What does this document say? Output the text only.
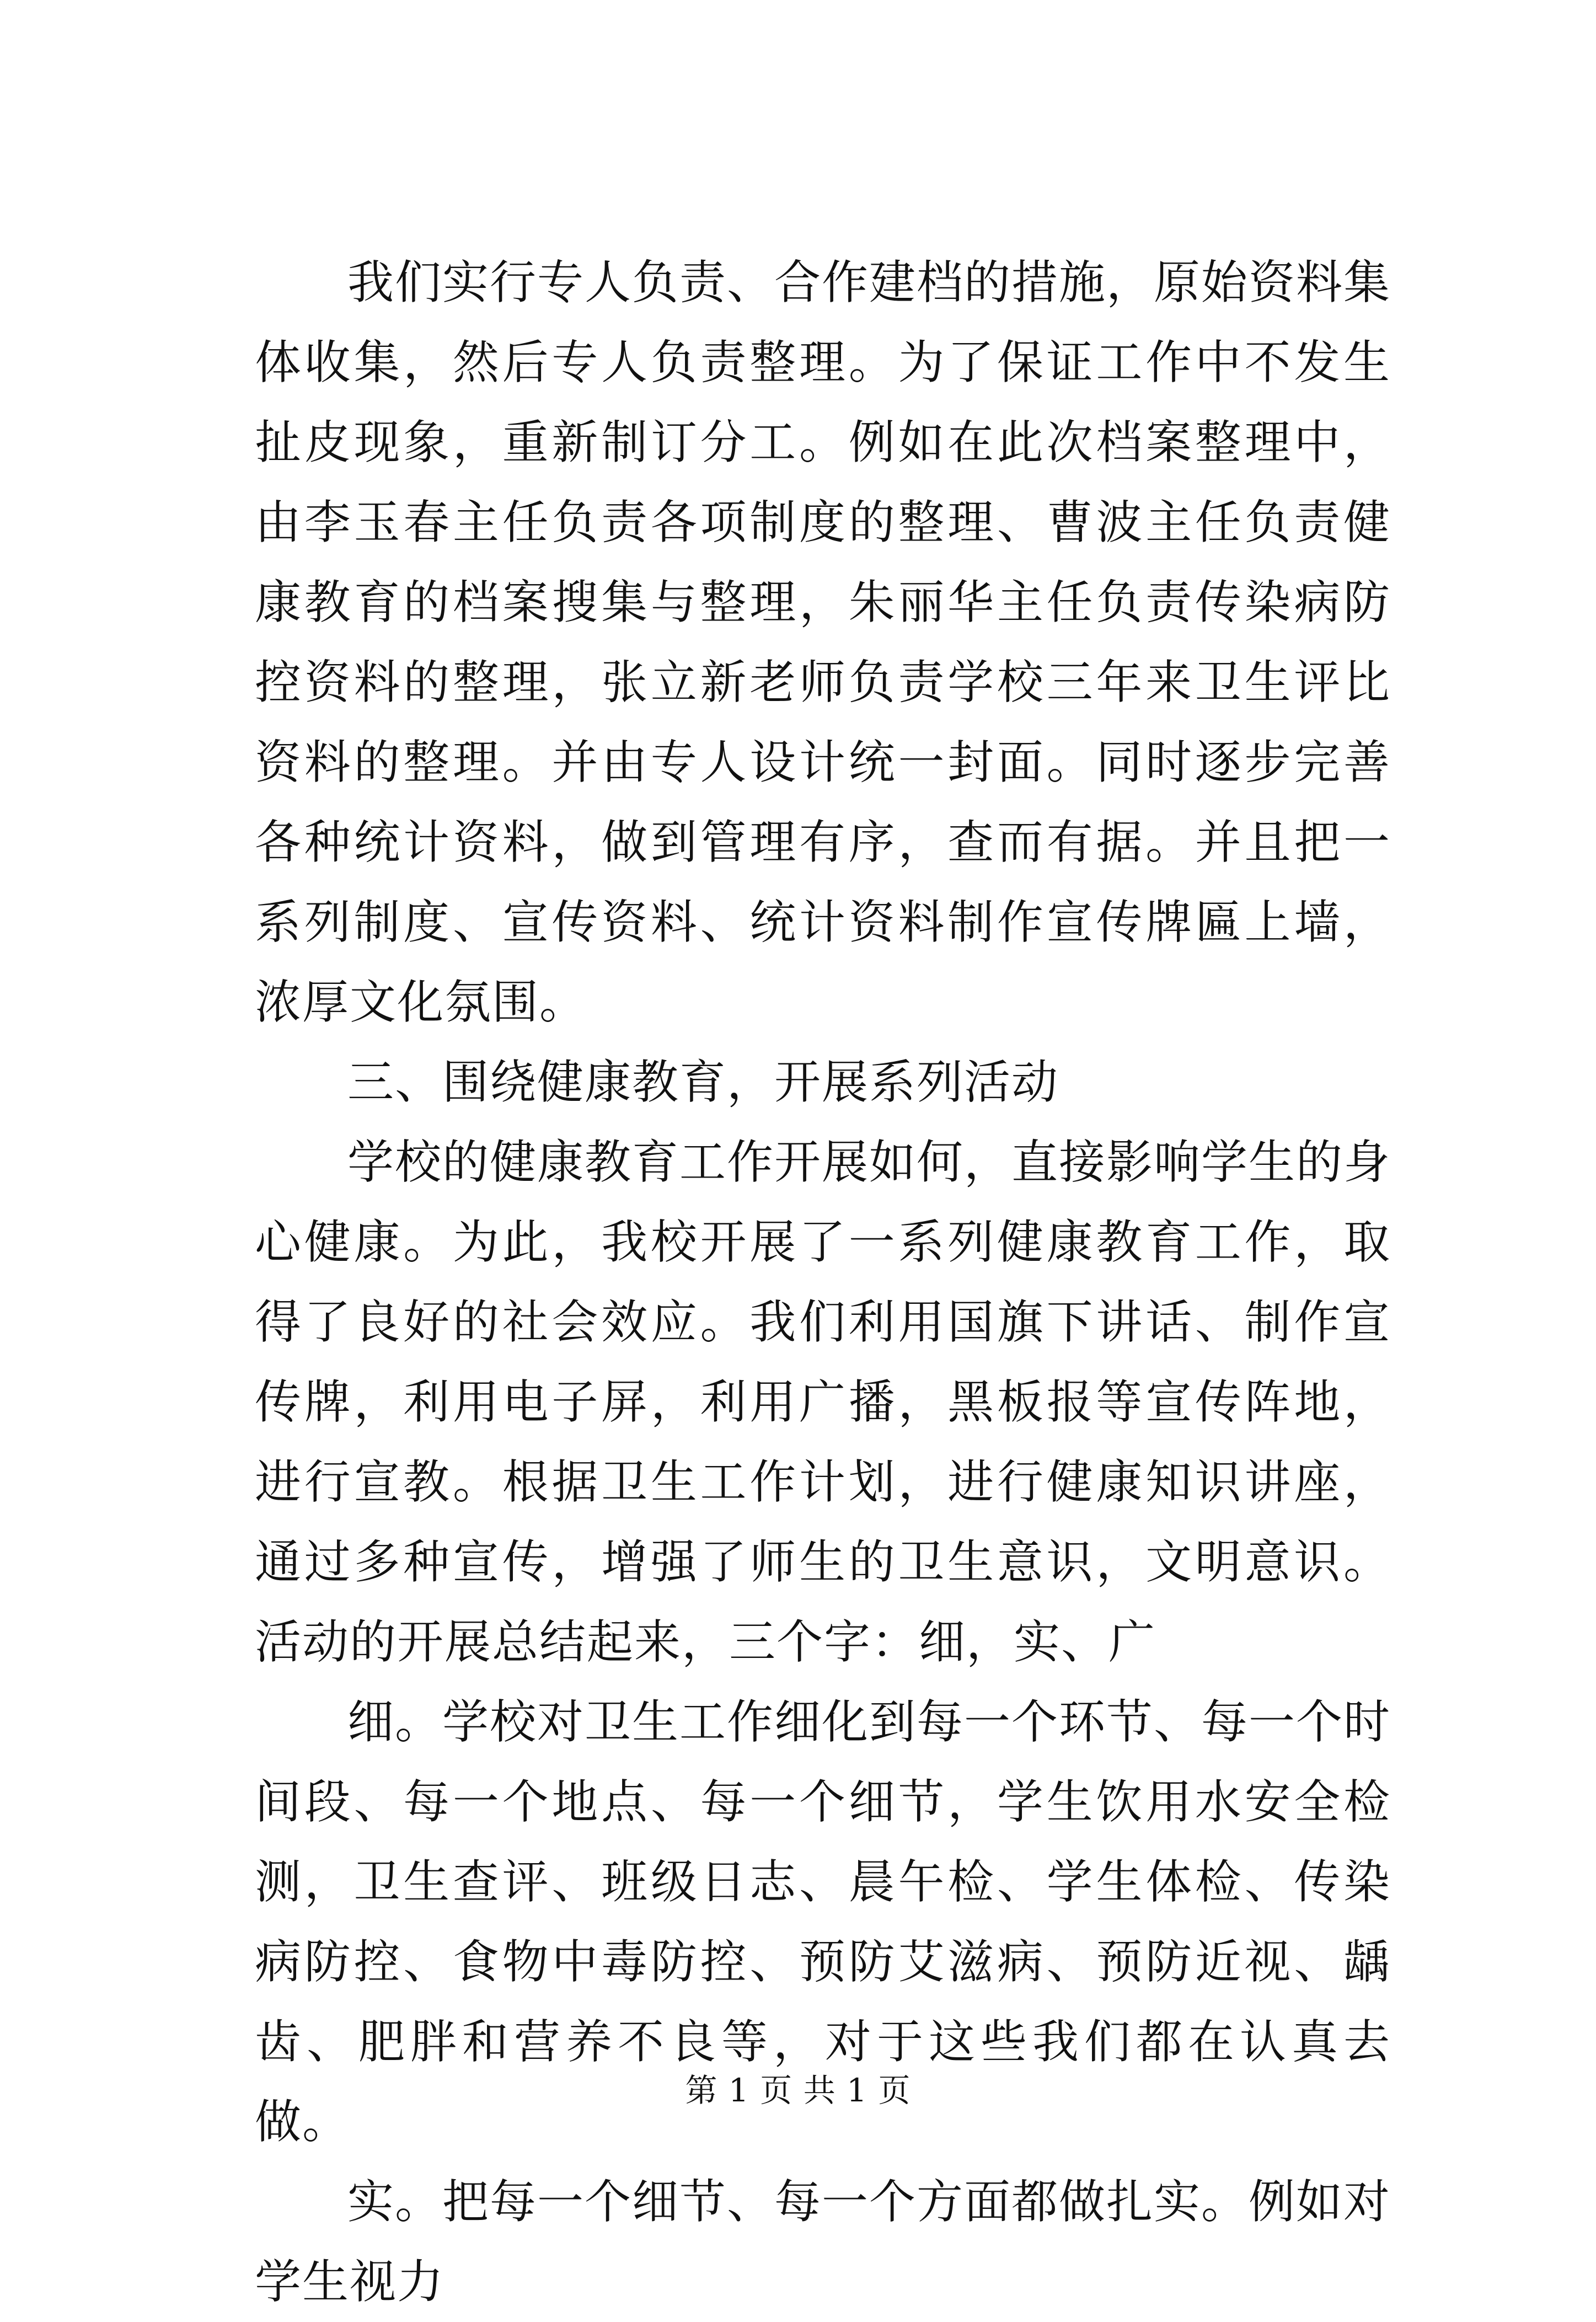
我们实行专人负责、合作建档的措施，原始资料集体收集，然后专人负责整理。为了保证工作中不发生扯皮现象，重新制订分工。例如在此次档案整理中，由李玉春主任负责各项制度的整理、曹波主任负责健康教育的档案搜集与整理，朱丽华主任负责传染病防控资料的整理，张立新老师负责学校三年来卫生评比资料的整理。并由专人设计统一封面。同时逐步完善各种统计资料，做到管理有序，查而有据。并且把一系列制度、宣传资料、统计资料制作宣传牌匾上墙，浓厚文化氛围。

三、围绕健康教育，开展系列活动

学校的健康教育工作开展如何，直接影响学生的身心健康。为此，我校开展了一系列健康教育工作，取得了良好的社会效应。我们利用国旗下讲话、制作宣传牌，利用电子屏，利用广播，黑板报等宣传阵地，进行宣教。根据卫生工作计划，进行健康知识讲座，通过多种宣传，增强了师生的卫生意识，文明意识。活动的开展总结起来，三个字：细，实、广

细。学校对卫生工作细化到每一个环节、每一个时间段、每一个地点、每一个细节，学生饮用水安全检测，卫生查评、班级日志、晨午检、学生体检、传染病防控、食物中毒防控、预防艾滋病、预防近视、龋齿、肥胖和营养不良等，对于这些我们都在认真去做。

实。把每一个细节、每一个方面都做扎实。例如对学生视力

第 1 页 共 1 页
